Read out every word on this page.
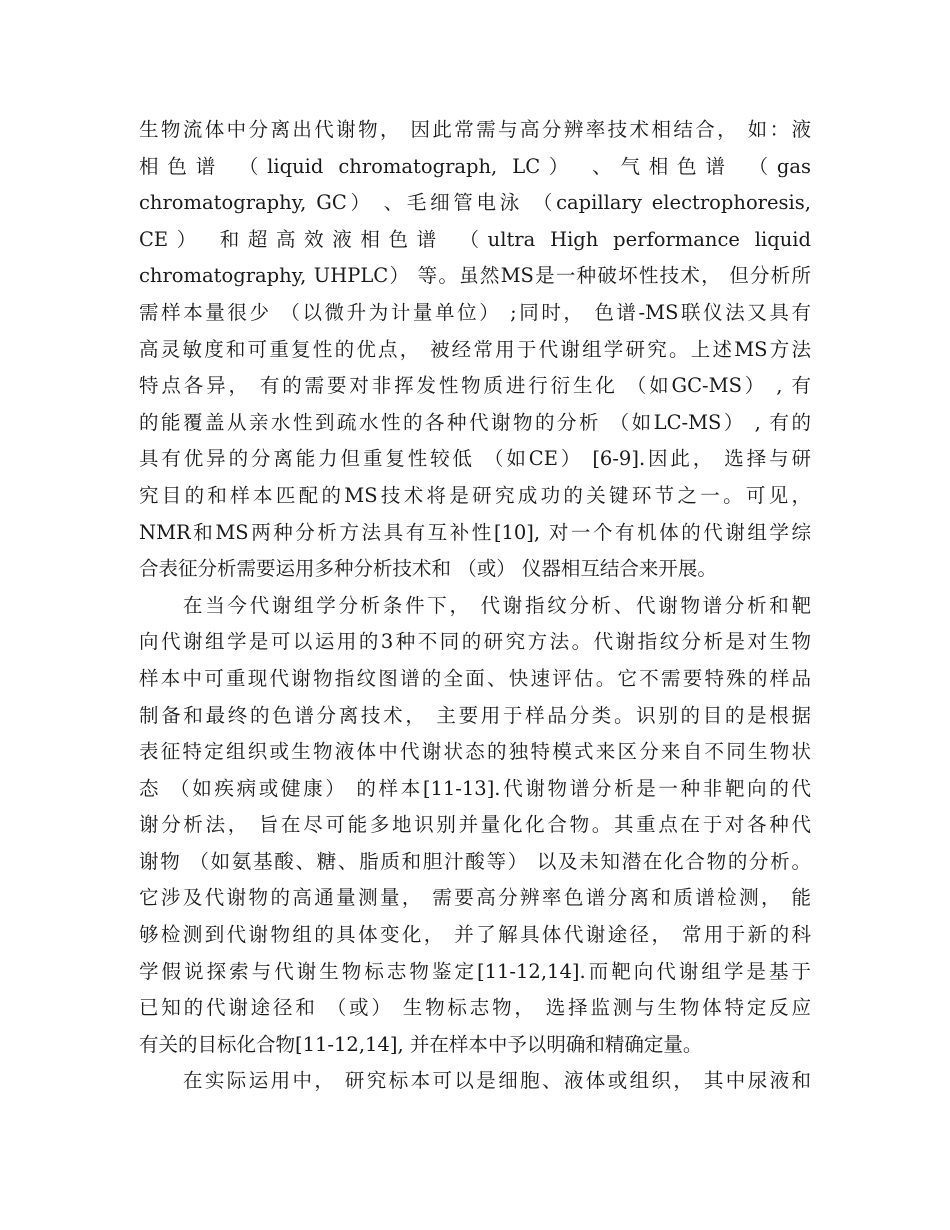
生物流体中分离出代谢物， 因此常需与高分辨率技术相结合， 如：液
相色谱 （liquid chromatograph, LC） 、气相色谱 （gas
chromatography, GC） 、毛细管电泳 （capillary electrophoresis,
CE） 和超高效液相色谱 （ultra High performance liquid
chromatography, UHPLC） 等。虽然MS是一种破坏性技术， 但分析所
需样本量很少 （以微升为计量单位） ;同时， 色谱-MS联仪法又具有
高灵敏度和可重复性的优点， 被经常用于代谢组学研究。上述MS方法
特点各异， 有的需要对非挥发性物质进行衍生化 （如GC-MS） , 有
的能覆盖从亲水性到疏水性的各种代谢物的分析 （如LC-MS） , 有的
具有优异的分离能力但重复性较低 （如CE） [6-9].因此， 选择与研
究目的和样本匹配的MS技术将是研究成功的关键环节之一。可见，
NMR和MS两种分析方法具有互补性[10], 对一个有机体的代谢组学综
合表征分析需要运用多种分析技术和 （或） 仪器相互结合来开展。
在当今代谢组学分析条件下， 代谢指纹分析、代谢物谱分析和靶
向代谢组学是可以运用的3种不同的研究方法。代谢指纹分析是对生物
样本中可重现代谢物指纹图谱的全面、快速评估。它不需要特殊的样品
制备和最终的色谱分离技术， 主要用于样品分类。识别的目的是根据
表征特定组织或生物液体中代谢状态的独特模式来区分来自不同生物状
态 （如疾病或健康） 的样本[11-13].代谢物谱分析是一种非靶向的代
谢分析法， 旨在尽可能多地识别并量化化合物。其重点在于对各种代
谢物 （如氨基酸、糖、脂质和胆汁酸等） 以及未知潜在化合物的分析。
它涉及代谢物的高通量测量， 需要高分辨率色谱分离和质谱检测， 能
够检测到代谢物组的具体变化， 并了解具体代谢途径， 常用于新的科
学假说探索与代谢生物标志物鉴定[11-12,14].而靶向代谢组学是基于
已知的代谢途径和 （或） 生物标志物， 选择监测与生物体特定反应
有关的目标化合物[11-12,14], 并在样本中予以明确和精确定量。
在实际运用中， 研究标本可以是细胞、液体或组织， 其中尿液和
